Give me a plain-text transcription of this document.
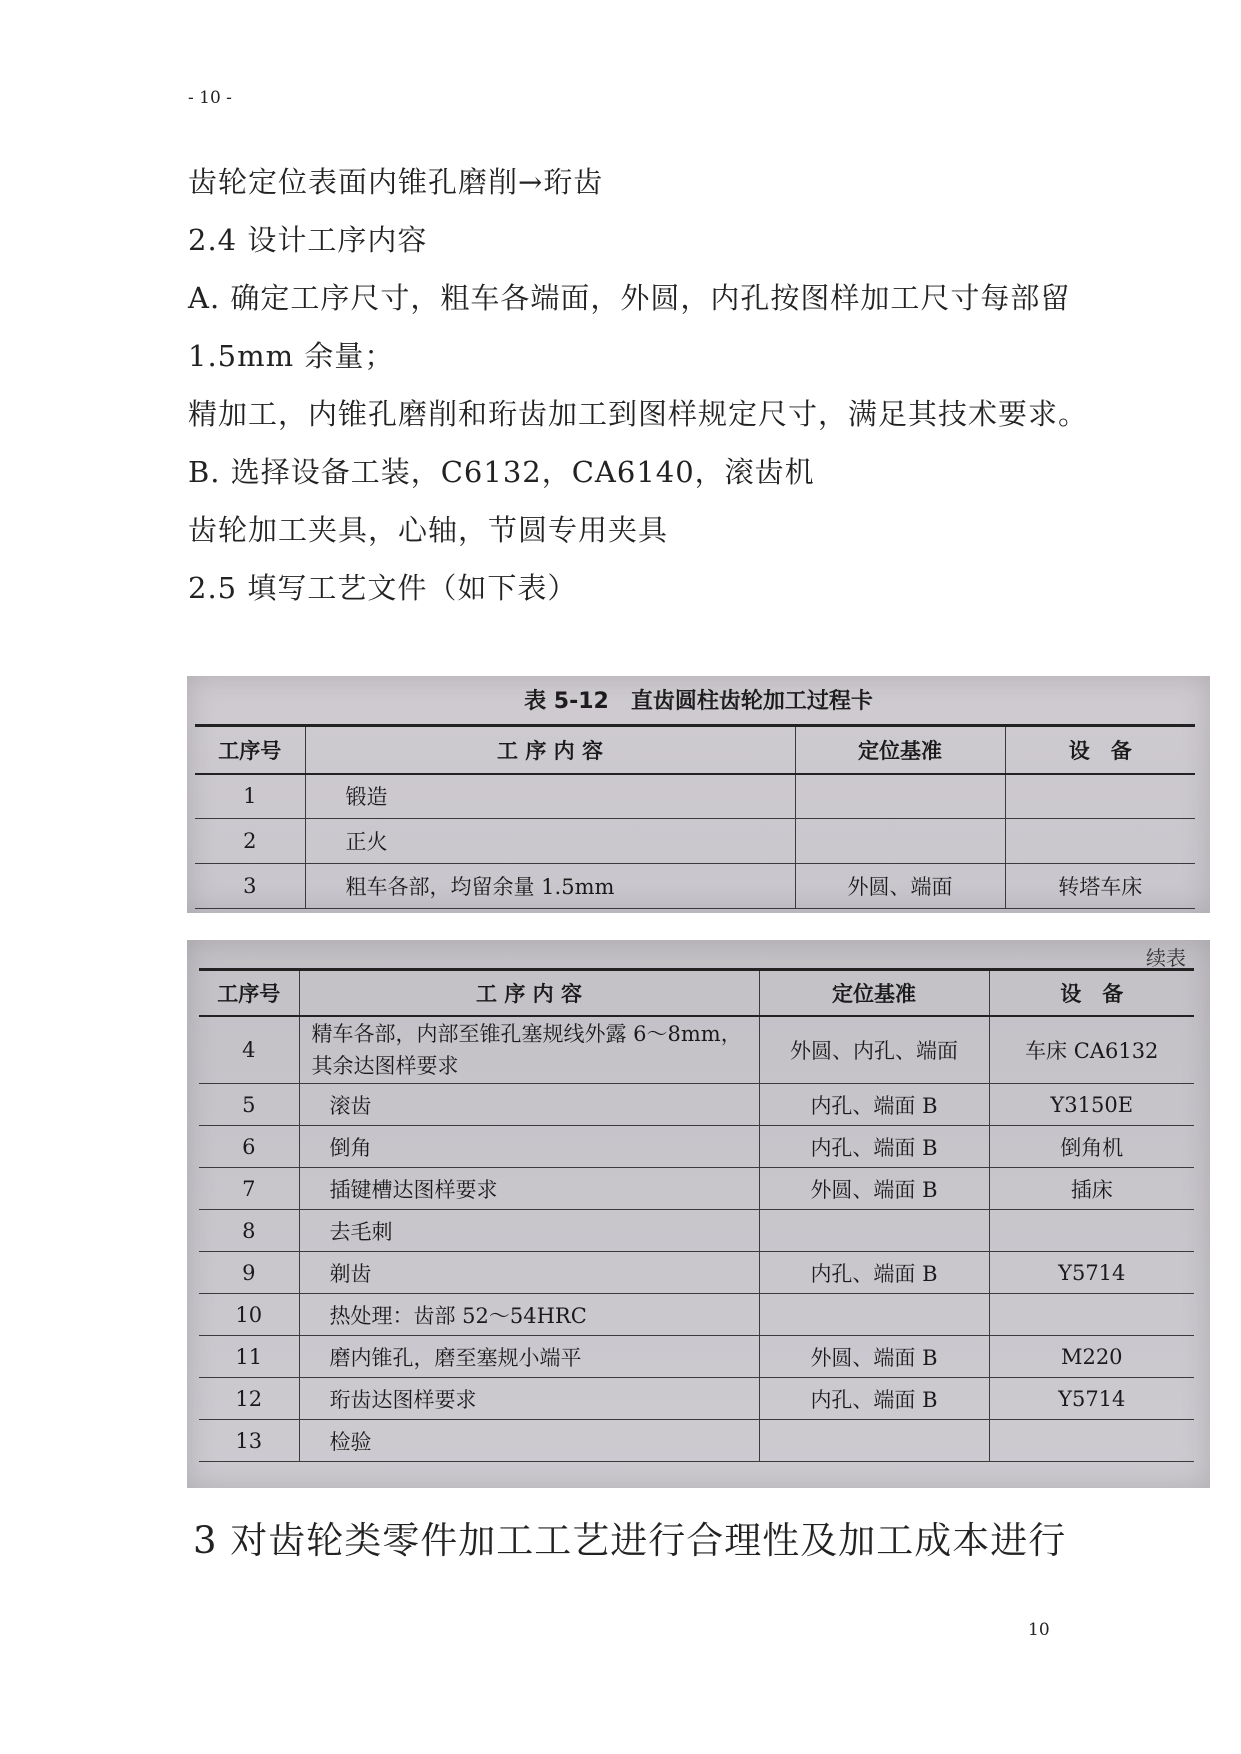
- 10 -
齿轮定位表面内锥孔磨削→珩齿
2.4 设计工序内容
A. 确定工序尺寸，粗车各端面，外圆，内孔按图样加工尺寸每部留
1.5mm 余量；
精加工，内锥孔磨削和珩齿加工到图样规定尺寸，满足其技术要求。
B. 选择设备工装，C6132，CA6140，滚齿机
齿轮加工夹具，心轴，节圆专用夹具
2.5 填写工艺文件（如下表）
表 5-12　直齿圆柱齿轮加工过程卡
工序号	工 序 内 容	定位基准	设　备
1	锻造		
2	正火		
3	粗车各部，均留余量 1.5mm	外圆、端面	转塔车床
续表
工序号	工 序 内 容	定位基准	设　备
4	精车各部，内部至锥孔塞规线外露 6～8mm，其余达图样要求	外圆、内孔、端面	车床 CA6132
5	滚齿	内孔、端面 B	Y3150E
6	倒角	内孔、端面 B	倒角机
7	插键槽达图样要求	外圆、端面 B	插床
8	去毛刺		
9	剃齿	内孔、端面 B	Y5714
10	热处理：齿部 52～54HRC		
11	磨内锥孔，磨至塞规小端平	外圆、端面 B	M220
12	珩齿达图样要求	内孔、端面 B	Y5714
13	检验		
3 对齿轮类零件加工工艺进行合理性及加工成本进行
10
